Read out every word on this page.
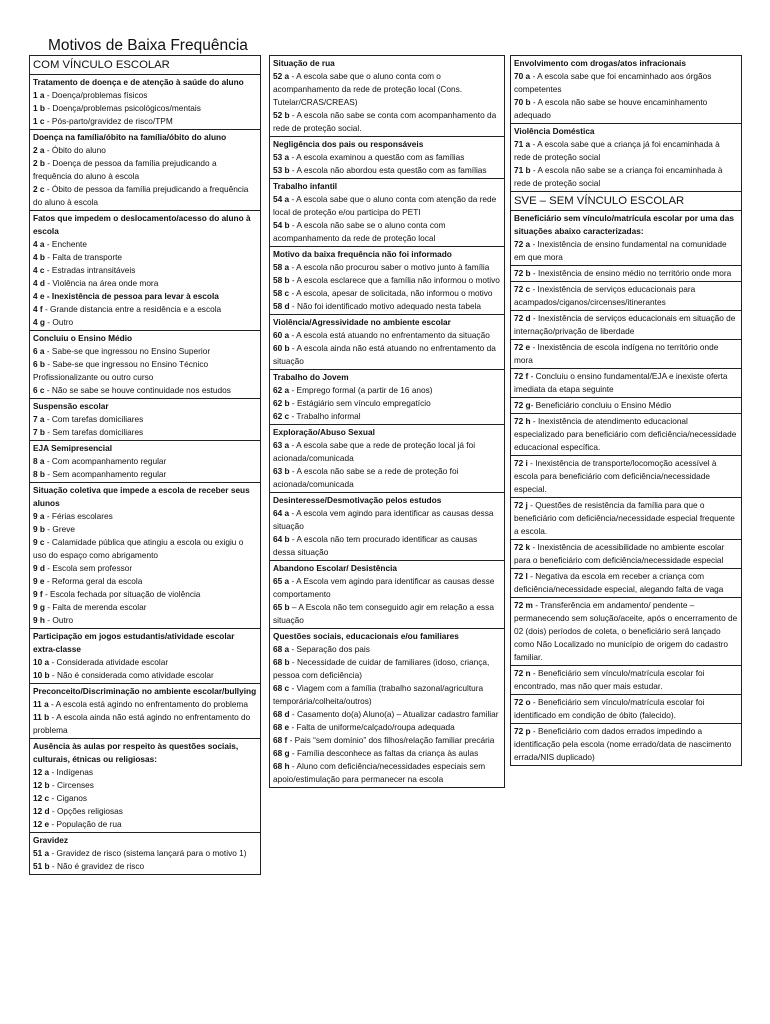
Motivos de Baixa Frequência
COM VÍNCULO ESCOLAR
Tratamento de doença e de atenção à saúde do aluno
1 a - Doença/problemas físicos
1 b - Doença/problemas psicológicos/mentais
1 c - Pós-parto/gravidez de risco/TPM
Doença na família/óbito na família/óbito do aluno
2 a - Óbito do aluno
2 b - Doença de pessoa da família prejudicando a frequência do aluno à escola
2 c - Óbito de pessoa da família prejudicando a frequência do aluno à escola
Fatos que impedem o deslocamento/acesso do aluno à escola
4 a - Enchente
4 b - Falta de transporte
4 c - Estradas intransitáveis
4 d - Violência na área onde mora
4 e - Inexistência de pessoa para levar à escola
4 f - Grande distancia entre a residência e a escola
4 g - Outro
Concluiu o Ensino Médio
6 a - Sabe-se que ingressou no Ensino Superior
6 b - Sabe-se que ingressou no Ensino Técnico Profissionalizante ou outro curso
6 c - Não se sabe se houve continuidade nos estudos
Suspensão escolar
7 a - Com tarefas domiciliares
7 b - Sem tarefas domiciliares
EJA Semipresencial
8 a - Com acompanhamento regular
8 b - Sem acompanhamento regular
Situação coletiva que impede a escola de receber seus alunos
9 a - Férias escolares
9 b - Greve
9 c - Calamidade pública que atingiu a escola ou exigiu o uso do espaço como abrigamento
9 d - Escola sem professor
9 e - Reforma geral da escola
9 f - Escola fechada por situação de violência
9 g - Falta de merenda escolar
9 h - Outro
Participação em jogos estudantis/atividade escolar extra-classe
10 a - Considerada atividade escolar
10 b - Não é considerada como atividade escolar
Preconceito/Discriminação no ambiente escolar/bullying
11 a - A escola está agindo no enfrentamento do problema
11 b - A escola ainda não está agindo no enfrentamento do problema
Ausência às aulas por respeito às questões sociais, culturais, étnicas ou religiosas:
12 a - Indígenas
12 b - Circenses
12 c - Ciganos
12 d - Opções religiosas
12 e - População de rua
Gravidez
51 a - Gravidez de risco (sistema lançará para o motivo 1)
51 b - Não é gravidez de risco
Situação de rua
52 a - A escola sabe que o aluno conta com o acompanhamento da rede de proteção local (Cons. Tutelar/CRAS/CREAS)
52 b - A escola não sabe se conta com acompanhamento da rede de proteção social.
Negligência dos pais ou responsáveis
53 a - A escola examinou a questão com as famílias
53 b - A escola não abordou esta questão com as famílias
Trabalho infantil
54 a - A escola sabe que o aluno conta com atenção da rede local de proteção e/ou participa do PETI
54 b - A escola não sabe se o aluno conta com acompanhamento da rede de proteção local
Motivo da baixa frequência não foi informado
58 a - A escola não procurou saber o motivo junto à família
58 b - A escola esclarece que a família não informou o motivo
58 c - A escola, apesar de solicitada, não informou o motivo
58 d - Não foi identificado motivo adequado nesta tabela
Violência/Agressividade no ambiente escolar
60 a - A escola está atuando no enfrentamento da situação
60 b - A escola ainda não está atuando no enfrentamento da situação
Trabalho do Jovem
62 a - Emprego formal (a partir de 16 anos)
62 b - Estágiário sem vínculo empregatício
62 c - Trabalho informal
Exploração/Abuso Sexual
63 a - A escola sabe que a rede de proteção local já foi acionada/comunicada
63 b - A escola não sabe se a rede de proteção foi acionada/comunicada
Desinteresse/Desmotivação pelos estudos
64 a - A escola vem agindo para identificar as causas dessa situação
64 b - A escola não tem procurado identificar as causas dessa situação
Abandono Escolar/ Desistência
65 a - A Escola vem agindo para identificar as causas desse comportamento
65 b – A Escola não tem conseguido agir em relação a essa situação
Questões sociais, educacionais e/ou familiares
68 a - Separação dos pais
68 b - Necessidade de cuidar de familiares (idoso, criança, pessoa com deficiência)
68 c - Viagem com a família (trabalho sazonal/agricultura temporária/colheita/outros)
68 d - Casamento do(a) Aluno(a) – Atualizar cadastro familiar
68 e - Falta de uniforme/calçado/roupa adequada
68 f - Pais “sem domínio” dos filhos/relação familiar precária
68 g - Família desconhece as faltas da criança às aulas
68 h - Aluno com deficiência/necessidades especiais sem apoio/estimulação para permanecer na escola
Envolvimento com drogas/atos infracionais
70 a - A escola sabe que foi encaminhado aos órgãos competentes
70 b - A escola não sabe se houve encaminhamento adequado
Violência Doméstica
71 a - A escola sabe que a criança já foi encaminhada à rede de proteção social
71 b - A escola não sabe se a criança foi encaminhada à rede de proteção social
SVE – SEM VÍNCULO ESCOLAR
Beneficiário sem vínculo/matrícula escolar por uma das situações abaixo caracterizadas:
72 a - Inexistência de ensino fundamental na comunidade em que mora
72 b - Inexistência de ensino médio no território onde mora
72 c - Inexistência de serviços educacionais para acampados/ciganos/circenses/itinerantes
72 d - Inexistência de serviços educacionais em situação de internação/privação de liberdade
72 e - Inexistência de escola indígena no território onde mora
72 f - Concluiu o ensino fundamental/EJA e inexiste oferta imediata da etapa seguinte
72 g- Beneficiário concluiu o Ensino Médio
72 h - Inexistência de atendimento educacional especializado para beneficiário com deficiência/necessidade educacional específica.
72 i - Inexistência de transporte/locomoção acessível à escola para beneficiário com deficiência/necessidade especial.
72 j - Questões de resistência da família para que o beneficiário com deficiência/necessidade especial frequente a escola.
72 k - Inexistência de acessibilidade no ambiente escolar para o beneficiário com deficiência/necessidade especial
72 l - Negativa da escola em receber a criança com deficiência/necessidade especial, alegando falta de vaga
72 m - Transferência em andamento/ pendente – permanecendo sem solução/aceite, após o encerramento de 02 (dois) períodos de coleta, o beneficiário será lançado como Não Localizado no município de origem do cadastro familiar.
72 n - Beneficiário sem vínculo/matrícula escolar foi encontrado, mas não quer mais estudar.
72 o - Beneficiário sem vínculo/matrícula escolar foi identificado em condição de óbito (falecido).
72 p - Beneficiário com dados errados impedindo a identificação pela escola (nome errado/data de nascimento errada/NIS duplicado)
